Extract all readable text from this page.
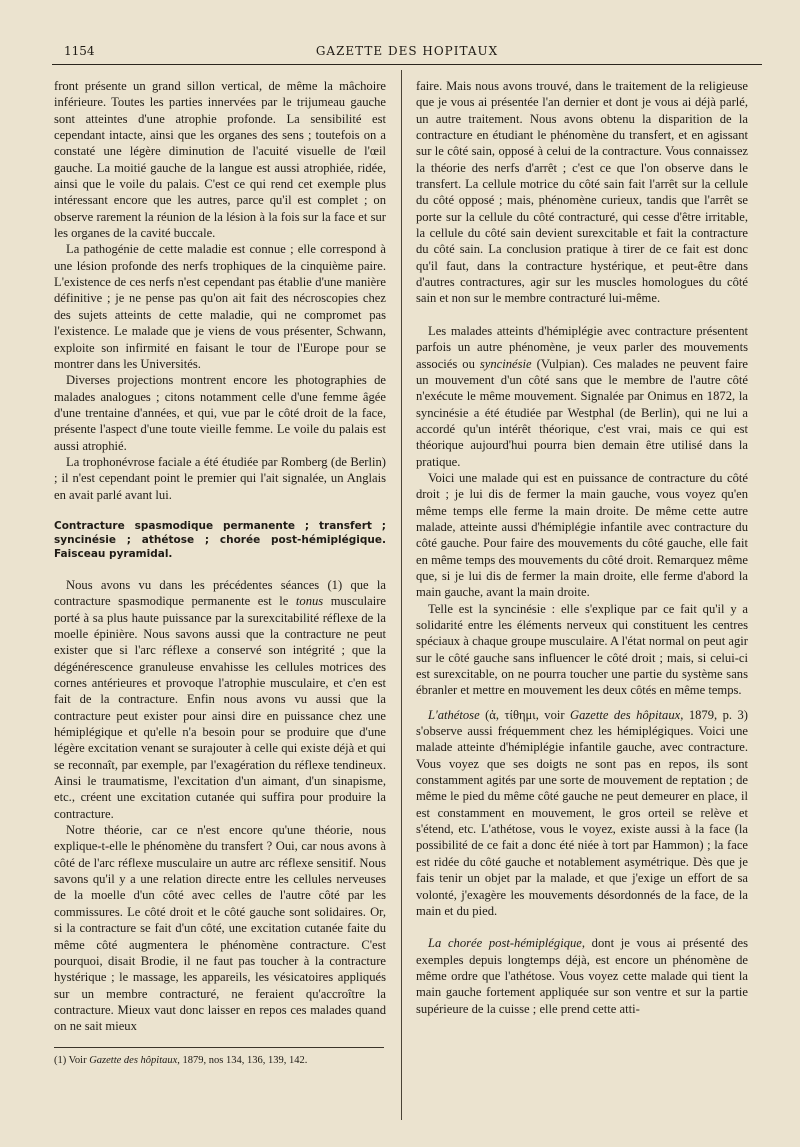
1154	GAZETTE DES HOPITAUX

front présente un grand sillon vertical, de même la mâchoire inférieure. Toutes les parties innervées par le trijumeau gauche sont atteintes d'une atrophie profonde. La sensibilité est cependant intacte, ainsi que les organes des sens ; toutefois on a constaté une légère diminution de l'acuité visuelle de l'œil gauche. La moitié gauche de la langue est aussi atrophiée, ridée, ainsi que le voile du palais. C'est ce qui rend cet exemple plus intéressant encore que les autres, parce qu'il est complet ; on observe rarement la réunion de la lésion à la fois sur la face et sur les organes de la cavité buccale.

La pathogénie de cette maladie est connue ; elle correspond à une lésion profonde des nerfs trophiques de la cinquième paire. L'existence de ces nerfs n'est cependant pas établie d'une manière définitive ; je ne pense pas qu'on ait fait des nécroscopies chez des sujets atteints de cette maladie, qui ne compromet pas l'existence. Le malade que je viens de vous présenter, Schwann, exploite son infirmité en faisant le tour de l'Europe pour se montrer dans les Universités.

Diverses projections montrent encore les photographies de malades analogues ; citons notamment celle d'une femme âgée d'une trentaine d'années, et qui, vue par le côté droit de la face, présente l'aspect d'une toute vieille femme. Le voile du palais est aussi atrophié.

La trophonévrose faciale a été étudiée par Romberg (de Berlin) ; il n'est cependant point le premier qui l'ait signalée, un Anglais en avait parlé avant lui.

Contracture spasmodique permanente ; transfert ; syncinésie ; athétose ; chorée post-hémiplégique. Faisceau pyramidal.

Nous avons vu dans les précédentes séances (1) que la contracture spasmodique permanente est le tonus musculaire porté à sa plus haute puissance par la surexcitabilité réflexe de la moelle épinière. Nous savons aussi que la contracture ne peut exister que si l'arc réflexe a conservé son intégrité ; que la dégénérescence granuleuse envahisse les cellules motrices des cornes antérieures et provoque l'atrophie musculaire, et c'en est fait de la contracture. Enfin nous avons vu aussi que la contracture peut exister pour ainsi dire en puissance chez une hémiplégique et qu'elle n'a besoin pour se produire que d'une légère excitation venant se surajouter à celle qui existe déjà et qui se reconnaît, par exemple, par l'exagération du réflexe tendineux. Ainsi le traumatisme, l'excitation d'un aimant, d'un sinapisme, etc., créent une excitation cutanée qui suffira pour produire la contracture.

Notre théorie, car ce n'est encore qu'une théorie, nous explique-t-elle le phénomène du transfert ? Oui, car nous avons à côté de l'arc réflexe musculaire un autre arc réflexe sensitif. Nous savons qu'il y a une relation directe entre les cellules nerveuses de la moelle d'un côté avec celles de l'autre côté par les commissures. Le côté droit et le côté gauche sont solidaires. Or, si la contracture se fait d'un côté, une excitation cutanée faite du même côté augmentera le phénomène contracture. C'est pourquoi, disait Brodie, il ne faut pas toucher à la contracture hystérique ; le massage, les appareils, les vésicatoires appliqués sur un membre contracturé, ne feraient qu'accroître la contracture. Mieux vaut donc laisser en repos ces malades quand on ne sait mieux

(1) Voir Gazette des hôpitaux, 1879, nos 134, 136, 139, 142.

faire. Mais nous avons trouvé, dans le traitement de la religieuse que je vous ai présentée l'an dernier et dont je vous ai déjà parlé, un autre traitement. Nous avons obtenu la disparition de la contracture en étudiant le phénomène du transfert, et en agissant sur le côté sain, opposé à celui de la contracture. Vous connaissez la théorie des nerfs d'arrêt ; c'est ce que l'on observe dans le transfert. La cellule motrice du côté sain fait l'arrêt sur la cellule du côté opposé ; mais, phénomène curieux, tandis que l'arrêt se porte sur la cellule du côté contracturé, qui cesse d'être irritable, la cellule du côté sain devient surexcitable et fait la contracture du côté sain. La conclusion pratique à tirer de ce fait est donc qu'il faut, dans la contracture hystérique, et peut-être dans d'autres contractures, agir sur les muscles homologues du côté sain et non sur le membre contracturé lui-même.

Les malades atteints d'hémiplégie avec contracture présentent parfois un autre phénomène, je veux parler des mouvements associés ou syncinésie (Vulpian). Ces malades ne peuvent faire un mouvement d'un côté sans que le membre de l'autre côté n'exécute le même mouvement. Signalée par Onimus en 1872, la syncinésie a été étudiée par Westphal (de Berlin), qui ne lui a accordé qu'un intérêt théorique, c'est vrai, mais ce qui est théorique aujourd'hui pourra bien demain être utilisé dans la pratique.

Voici une malade qui est en puissance de contracture du côté droit ; je lui dis de fermer la main gauche, vous voyez qu'en même temps elle ferme la main droite. De même cette autre malade, atteinte aussi d'hémiplégie infantile avec contracture du côté gauche. Pour faire des mouvements du côté gauche, elle fait en même temps des mouvements du côté droit. Remarquez même que, si je lui dis de fermer la main droite, elle ferme d'abord la main gauche, avant la main droite.

Telle est la syncinésie : elle s'explique par ce fait qu'il y a solidarité entre les éléments nerveux qui constituent les centres spéciaux à chaque groupe musculaire. A l'état normal on peut agir sur le côté gauche sans influencer le côté droit ; mais, si celui-ci est surexcitable, on ne pourra toucher une partie du système sans ébranler et mettre en mouvement les deux côtés en même temps.

L'athétose (ἀ, τίθημι, voir Gazette des hôpitaux, 1879, p. 3) s'observe aussi fréquemment chez les hémiplégiques. Voici une malade atteinte d'hémiplégie infantile gauche, avec contracture. Vous voyez que ses doigts ne sont pas en repos, ils sont constamment agités par une sorte de mouvement de reptation ; de même le pied du même côté gauche ne peut demeurer en place, il est constamment en mouvement, le gros orteil se relève et s'étend, etc. L'athétose, vous le voyez, existe aussi à la face (la possibilité de ce fait a donc été niée à tort par Hammon) ; la face est ridée du côté gauche et notablement asymétrique. Dès que je fais tenir un objet par la malade, et que j'exige un effort de sa volonté, j'exagère les mouvements désordonnés de la face, de la main et du pied.

La chorée post-hémiplégique, dont je vous ai présenté des exemples depuis longtemps déjà, est encore un phénomène de même ordre que l'athétose. Vous voyez cette malade qui tient la main gauche fortement appliquée sur son ventre et sur la partie supérieure de la cuisse ; elle prend cette atti-
